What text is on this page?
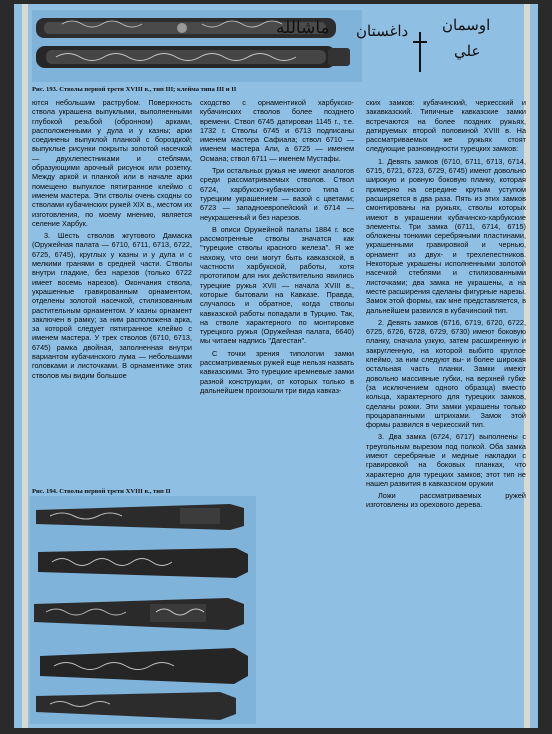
ﻣﺎﺷﺎﻟﻠﻪ ﺩﺍﻏﺴﺘﺎﻥ ﺍﻭﺳﻤﺎﻥ
ﻋﻠﻲ
Рис. 193. Стволы первой трети XVIII в., тип III; клейма типа III и II

ются небольшим раструбом. Поверхность ствола украшена выпуклыми, выполненными глубокой резьбой (обронном) арками, расположенными у дула и у казны; арки соединены выпуклой планкой с бороздкой; выпуклые рисунки покрыты золотой насечкой — двухлепестниками и стеблями, образующими арочный рисунок или розетку. Между аркой и планкой или в начале арки помещено выпуклое пятигранное клеймо с именем мастера. Эти стволы очень сходны со стволами кубачинских ружей XIX в., местом их изготовления, по моему мнению, является селение Харбук.

3. Шесть стволов жгутового Дамаска (Оружейная палата — 6710, 6711, 6713, 6722, 6725, 6745), круглых у казны и у дула и с мелкими гранями в средней части. Стволы внутри гладкие, без нарезов (только 6722 имеет восемь нарезов). Окончания ствола, украшенные гравированным орнаментом, отделены золотой насечкой, стилизованным растительным орнаментом. У казны орнамент заключен в рамку; за ним расположена арка, за которой следует пятигранное клеймо с именем мастера. У трех стволов (6710, 6713, 6745) рамка двойная, заполненная внутри вариантом кубачинского лума — небольшими головками и листочками. В орнаментике этих стволов мы видим большое

сходство с орнаментикой харбукско-кубачинских стволов более позднего времени. Ствол 6745 датирован 1145 г., т.е. 1732 г. Стволы 6745 и 6713 подписаны именем мастера Сафиала; ствол 6710 — именем мастера Али, а 6725 — именем Османа; ствол 6711 — именем Мустафы.

Три остальных ружья не имеют аналогов среди рассматриваемых стволов. Ствол 6724, харбукско-кубачинского типа с турецким украшением — вазой с цветами; 6723 — западноевропейский и 6714 — неукрашенный и без нарезов.

В описи Оружейной палаты 1884 г. все рассмотренные стволы значатся как "турецкие стволы красного железа". Я же нахожу, что они могут быть кавказской, в частности харбукской, работы, хотя прототипом для них действительно явились турецкие ружья XVII — начала XVIII в., которые бытовали на Кавказе. Правда, случалось и обратное, когда стволы кавказской работы попадали в Турцию. Так, на стволе характерного по монтировке турецкого ружья (Оружейная палата, 6640) мы читаем надпись "Дагестан".

С точки зрения типологии замки рассматриваемых ружей еще нельзя назвать кавказскими. Это турецкие кремневые замки разной конструкции, от которых только в дальнейшем произошли три вида кавказ-

ских замков: кубачинский, черкесский и закавказский. Типичные кавказские замки встречаются на более поздних ружьях, датируемых второй половиной XVIII в. На рассматриваемых же ружьях стоят следующие разновидности турецких замков:

1. Девять замков (6710, 6711, 6713, 6714, 6715, 6721, 6723, 6729, 6745) имеют довольно широкую и ровную боковую планку, которая примерно на середине крутым уступом расширяется в два раза. Пять из этих замков смонтированы на ружьях, стволы которых имеют в украшении кубачинско-харбукские элементы. Три замка (6711, 6714, 6715) обложены тонкими серебряными пластинами, украшенными гравировкой и чернью, орнамент из двух- и трехлепестников. Некоторые украшены исполненными золотой насечкой стеблями и стилизованными листочками; два замка не украшены, а на месте расширения сделаны фигурные нарезы. Замок этой формы, как мне представляется, в дальнейшем развился в кубачинский тип.

2. Девять замков (6716, 6719, 6720, 6722, 6725, 6726, 6728, 6729, 6730) имеют боковую планку, сначала узкую, затем расширенную и закругленную, на которой выбито круглое клеймо, за ним следуют вы- и более широкая остальная часть планки. Замки имеют довольно массивные губки, на верхней губке (за исключением одного образца) вместо кольца, характерного для турецких замков, сделаны рожки. Эти замки украшены только процарапанными штрихами. Замок этой формы развился в черкесский тип.

3. Два замка (6724, 6717) выполнены с треугольным вырезом под полкой. Оба замка имеют серебряные и медные накладки с гравировкой на боковых планках, что характерно для турецких замков; этот тип не нашел развития в кавказском оружии

Ложи рассматриваемых ружей изготовлены из орехового дерева.

Рис. 194. Стволы первой трети XVIII в., тип II
